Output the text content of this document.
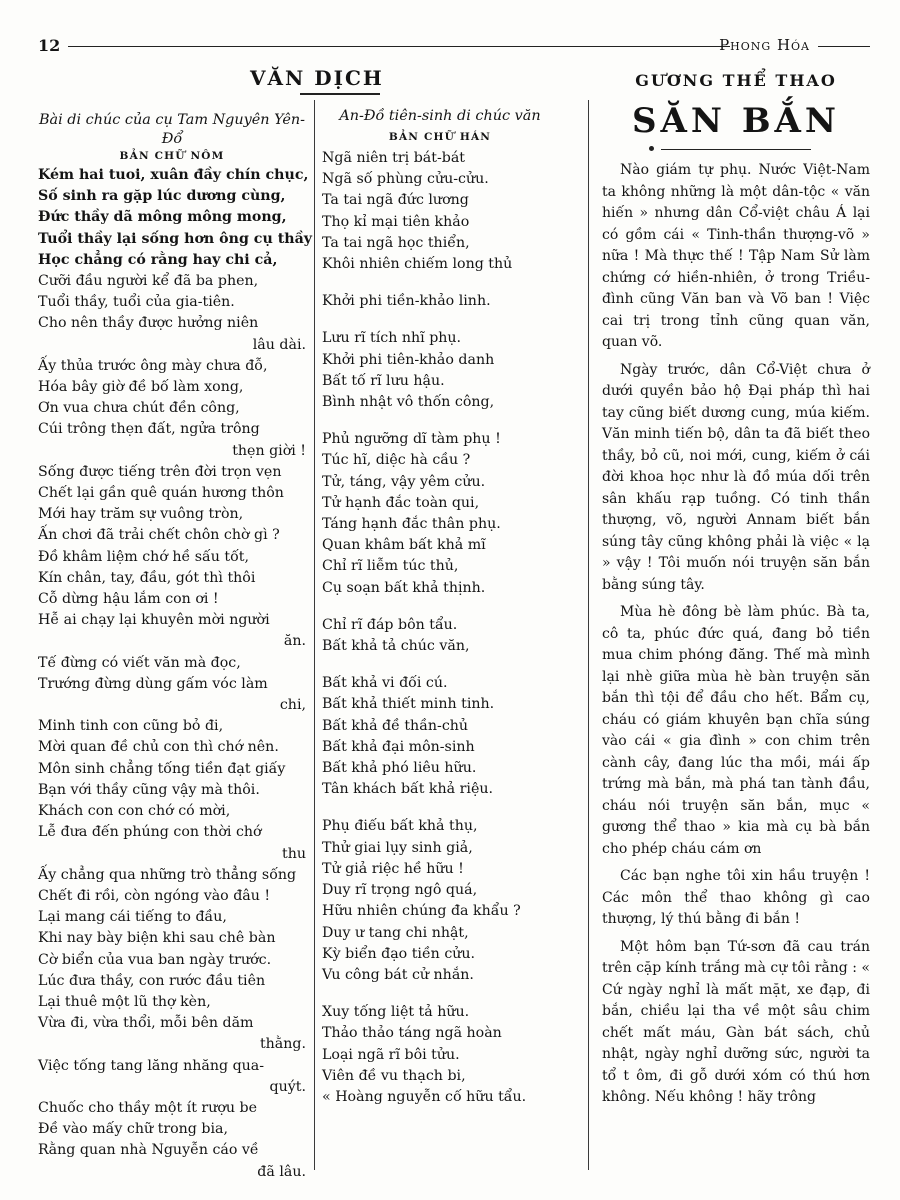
12	Phong Hóa
VĂN DỊCH

Bài di chúc của cụ Tam Nguyên Yên-Đổ

BẢN CHỮ NÔM

Kém hai tuoi, xuân đầy chín chục,

Số sinh ra gặp lúc dương cùng,

Đức thầy dã mông mông mong,

Tuổi thầy lại sống hơn ông cụ thầy

Học chẳng có rằng hay chi cả,

Cưỡi đầu người kể đã ba phen,

Tuổi thầy, tuổi của gia-tiên.

Cho nên thầy được hưởng niên

lâu dài.

Ấy thủa trước ông mày chưa đỗ,

Hóa bây giờ đề bố làm xong,

Ơn vua chưa chút đền công,

Cúi trông thẹn đất, ngửa trông

thẹn giời !

Sống được tiếng trên đời trọn vẹn

Chết lại gần quê quán hương thôn

Mới hay trăm sự vuông tròn,

Ấn chơi đã trải chết chôn chờ gì ?

Đồ khâm liệm chớ hề sấu tốt,

Kín chân, tay, đầu, gót thì thôi

Cỗ dừng hậu lắm con ơi !

Hễ ai chạy lại khuyên mời người

ăn.

Tế đừng có viết văn mà đọc,

Trướng đừng dùng gấm vóc làm

chi,

Minh tinh con cũng bỏ đi,

Mời quan đề chủ con thì chớ nên.

Môn sinh chẳng tống tiền đạt giấy

Bạn với thầy cũng vậy mà thôi.

Khách con con chớ có mời,

Lễ đưa đến phúng con thời chớ

thu

Ấy chẳng qua những trò thẳng sống

Chết đi rồi, còn ngóng vào đâu !

Lại mang cái tiếng to đầu,

Khi nay bày biện khi sau chê bàn

Cờ biển của vua ban ngày trước.

Lúc đưa thầy, con rước đầu tiên

Lại thuê một lũ thợ kèn,

Vừa đi, vừa thổi, mỗi bên dăm

thằng.

Việc tống tang lăng nhăng qua-

quýt.

Chuốc cho thầy một ít rượu be

Đề vào mấy chữ trong bia,

Rằng quan nhà Nguyễn cáo về

đã lâu.

An-Đồ tiên-sinh di chúc văn

BẢN CHỮ HÁN

Ngã niên trị bát-bát

Ngã số phùng cửu-cửu.

Ta tai ngã đức lương

Thọ kỉ mại tiên khảo

Ta tai ngã học thiển,

Khôi nhiên chiếm long thủ

Khởi phi tiền-khảo linh.

Lưu rĩ tích nhĩ phụ.

Khởi phi tiên-khảo danh

Bất tố rĩ lưu hậu.

Bình nhật vô thốn công,

Phủ ngưỡng dĩ tàm phụ !

Túc hĩ, diệc hà cầu ?

Tử, táng, vậy yêm cửu.

Tử hạnh đắc toàn qui,

Táng hạnh đắc thân phụ.

Quan khâm bất khả mĩ

Chỉ rĩ liễm túc thủ,

Cụ soạn bất khả thịnh.

Chỉ rĩ đáp bôn tẩu.

Bất khả tả chúc văn,

Bất khả vi đối cú.

Bất khả thiết minh tinh.

Bất khả đề thần-chủ

Bất khả đại môn-sinh

Bất khả phó liêu hữu.

Tân khách bất khả riệu.

Phụ điếu bất khả thụ,

Thử giai lụy sinh giả,

Tử giả riệc hề hữu !

Duy rĩ trọng ngô quá,

Hữu nhiên chúng đa khẩu ?

Duy ư tang chi nhật,

Kỳ biển đạo tiền cửu.

Vu công bát cử nhắn.

Xuy tống liệt tả hữu.

Thảo thảo táng ngã hoàn

Loại ngã rĩ bôi tửu.

Viên đề vu thạch bi,

« Hoàng nguyễn cố hữu tẩu.

GƯƠNG THỂ THAO

SĂN BẮN

Nào giám tự phụ. Nước Việt-Nam ta không những là một dân-tộc « văn hiến » nhưng dân Cổ-việt châu Á lại có gồm cái « Tinh-thần thượng-võ » nữa ! Mà thực thế ! Tập Nam Sử làm chứng cớ hiền-nhiên, ở trong Triều-đình cũng Văn ban và Võ ban ! Việc cai trị trong tỉnh cũng quan văn, quan võ.

Ngày trước, dân Cổ-Việt chưa ở dưới quyền bảo hộ Đại pháp thì hai tay cũng biết dương cung, múa kiếm. Văn minh tiến bộ, dân ta đã biết theo thầy, bỏ cũ, noi mới, cung, kiếm ở cái đời khoa học như là đồ múa dối trên sân khấu rạp tuồng. Có tinh thần thượng, võ, người Annam biết bắn súng tây cũng không phải là việc « lạ » vậy ! Tôi muốn nói truyện săn bắn bằng súng tây.

Mùa hè đông bè làm phúc. Bà ta, cô ta, phúc đức quá, đang bỏ tiền mua chim phóng đăng. Thế mà mình lại nhè giữa mùa hè bàn truyện săn bắn thì tội để đầu cho hết. Bẩm cụ, cháu có giám khuyên bạn chĩa súng vào cái « gia đình » con chim trên cành cây, đang lúc tha mồi, mái ấp trứng mà bắn, mà phá tan tành đầu, cháu nói truyện săn bắn, mục « gương thể thao » kia mà cụ bà bắn cho phép cháu cám ơn

Các bạn nghe tôi xin hầu truyện ! Các môn thể thao không gì cao thượng, lý thú bằng đi bắn !

Một hôm bạn Tứ-sơn đã cau trán trên cặp kính trắng mà cự tôi rằng : « Cứ ngày nghỉ là mất mặt, xe đạp, đi bắn, chiều lại tha về một sâu chim chết mất máu, Gàn bát sách, chủ nhật, ngày nghỉ dưỡng sức, người ta tổ t ôm, đi gỗ dưới xóm có thú hơn không. Nếu không ! hãy trông
